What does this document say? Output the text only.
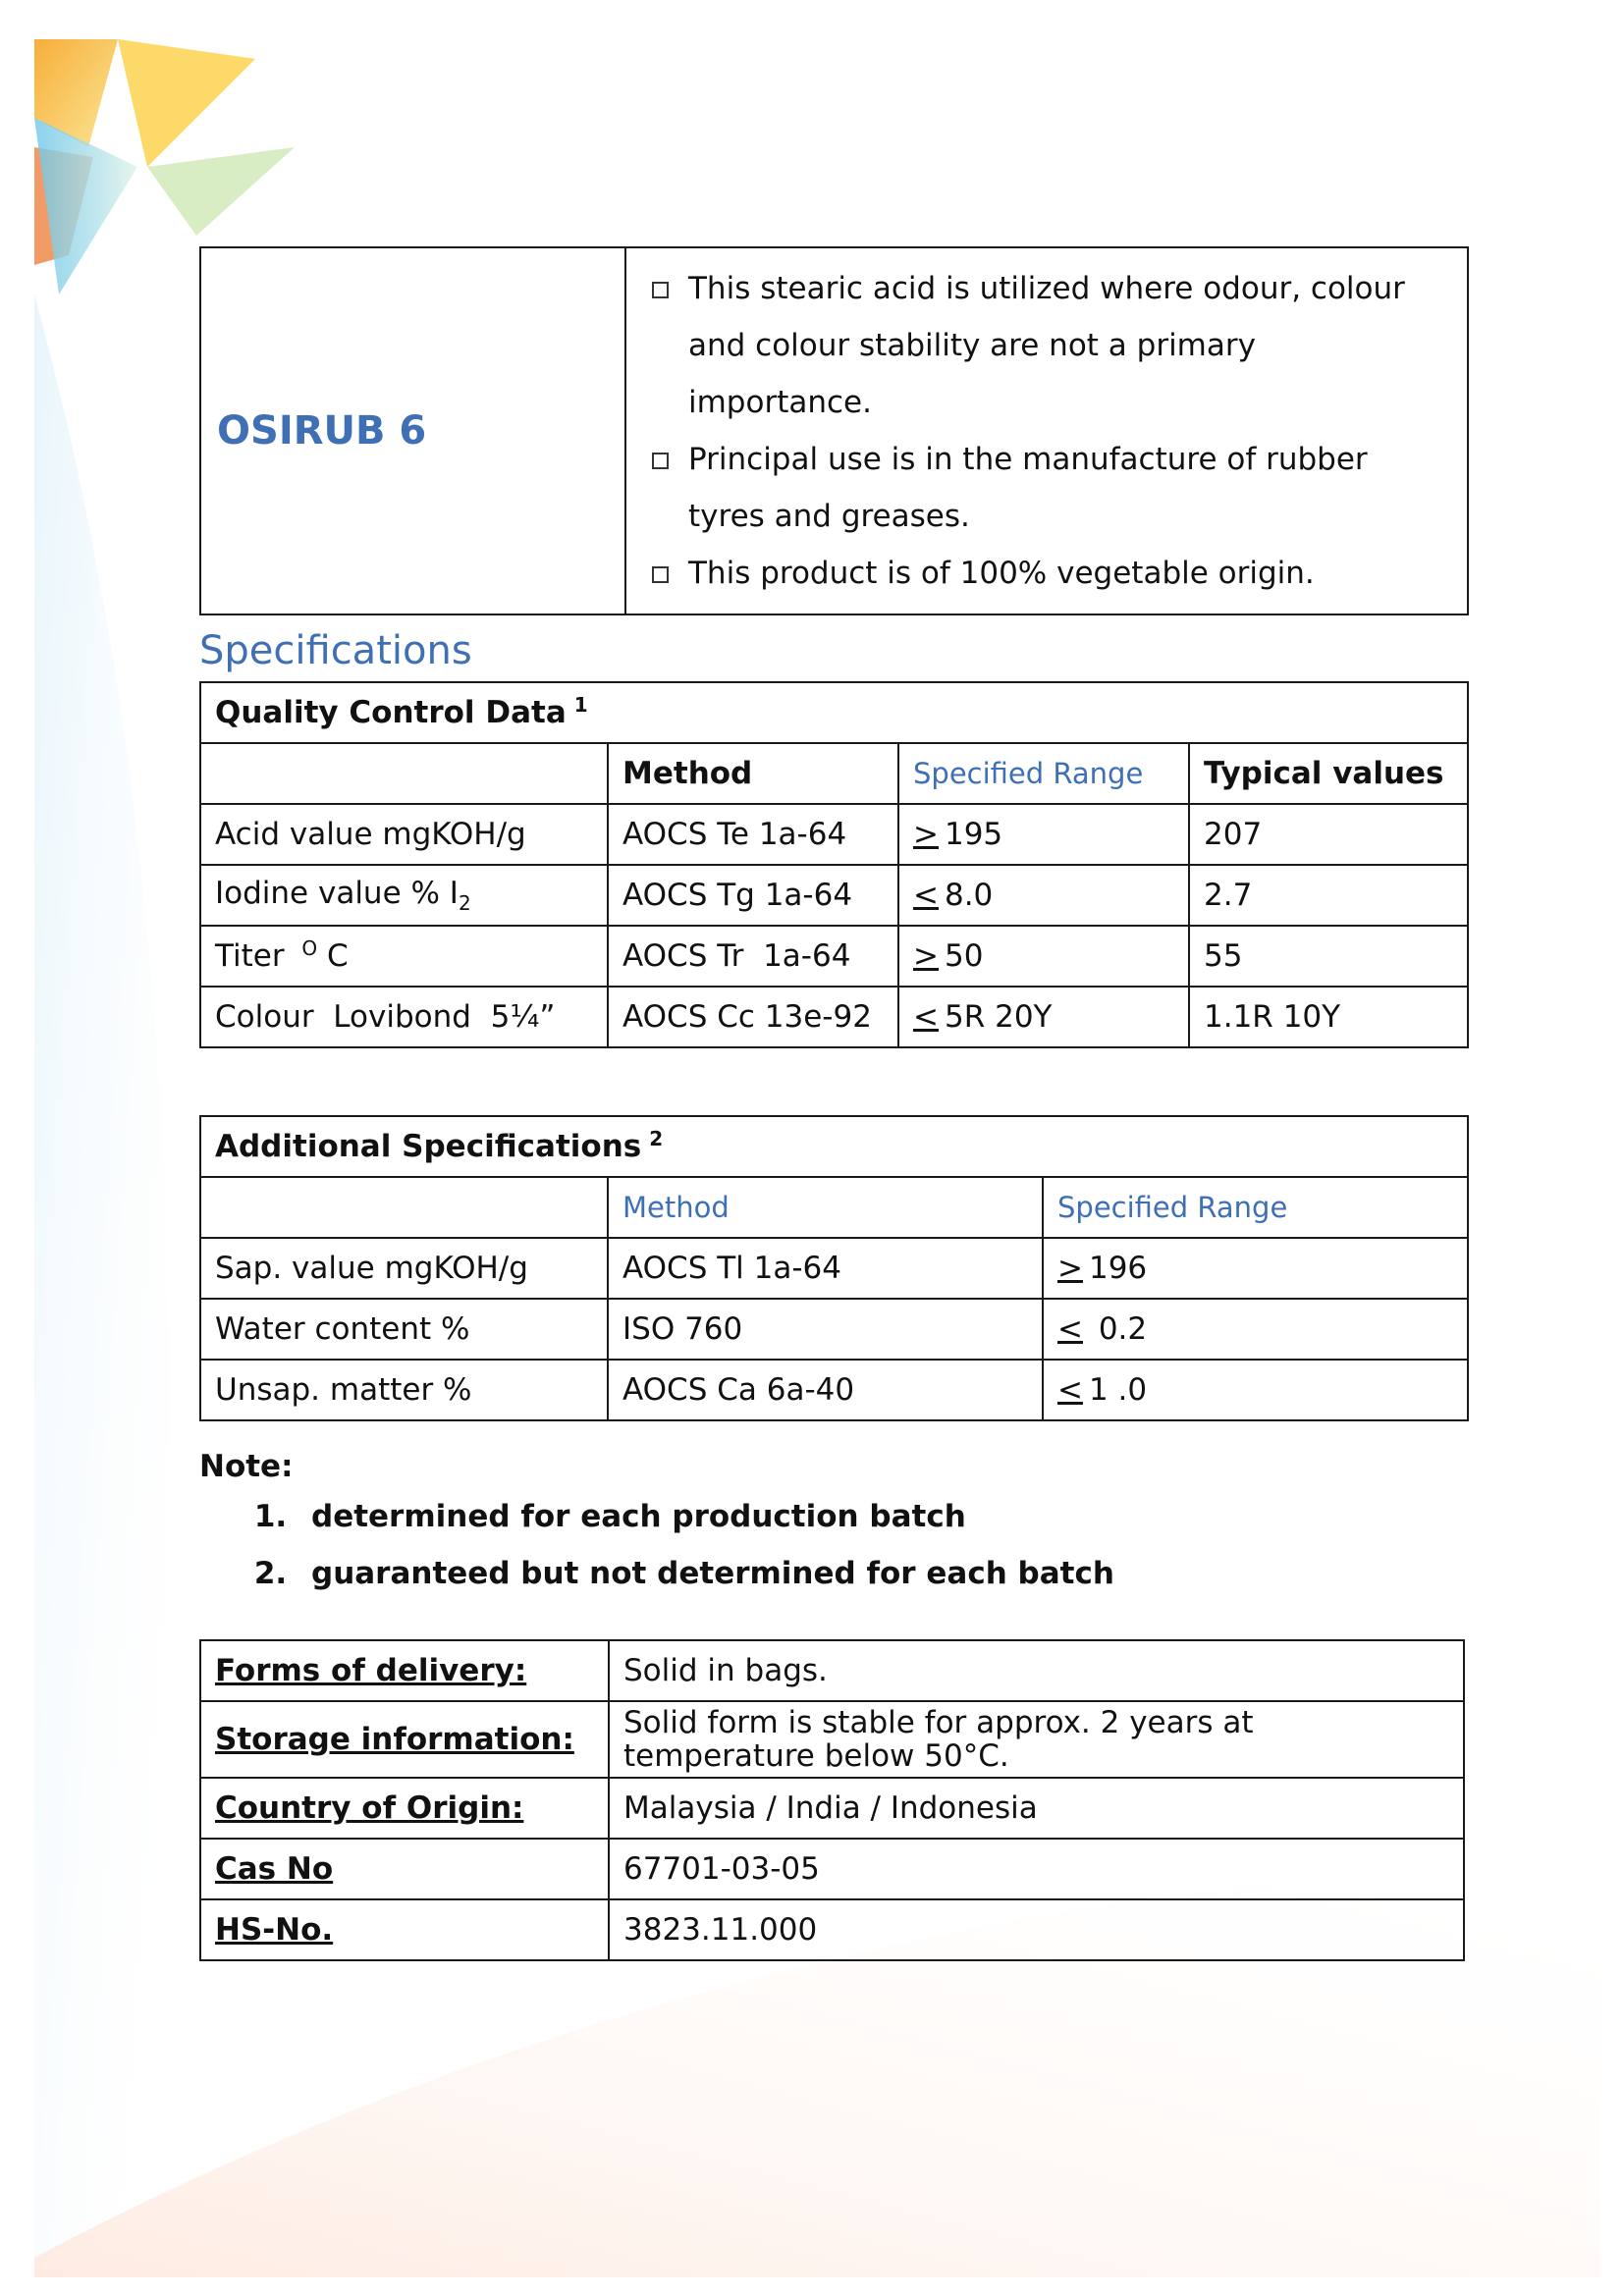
OSIRUB 6	
This stearic acid is utilized where odour, colour and colour stability are not a primary importance.
Principal use is in the manufacture of rubber tyres and greases.
This product is of 100% vegetable origin.
Specifications
Quality Control Data $^1$
	Method	Specified Range	Typical values
Acid value mgKOH/g	AOCS Te 1a-64	> 195	207
Iodine value % $I_2$	AOCS Tg 1a-64	< 8.0	2.7
Titer $^O$ C	AOCS Tr  1a-64	> 50	55
Colour  Lovibond  5¼”	AOCS Cc 13e-92	< 5R 20Y	1.1R 10Y
Additional Specifications $^2$
	Method	Specified Range
Sap. value mgKOH/g	AOCS Tl 1a-64	> 196
Water content %	ISO 760	< 0.2
Unsap. matter %	AOCS Ca 6a-40	< 1 .0
Note:
1. determined for each production batch
2. guaranteed but not determined for each batch
Forms of delivery:	Solid in bags.
Storage information:	Solid form is stable for approx. 2 years at temperature below 50°C.
Country of Origin:	Malaysia / India / Indonesia
Cas No	67701-03-05
HS-No.	3823.11.000
